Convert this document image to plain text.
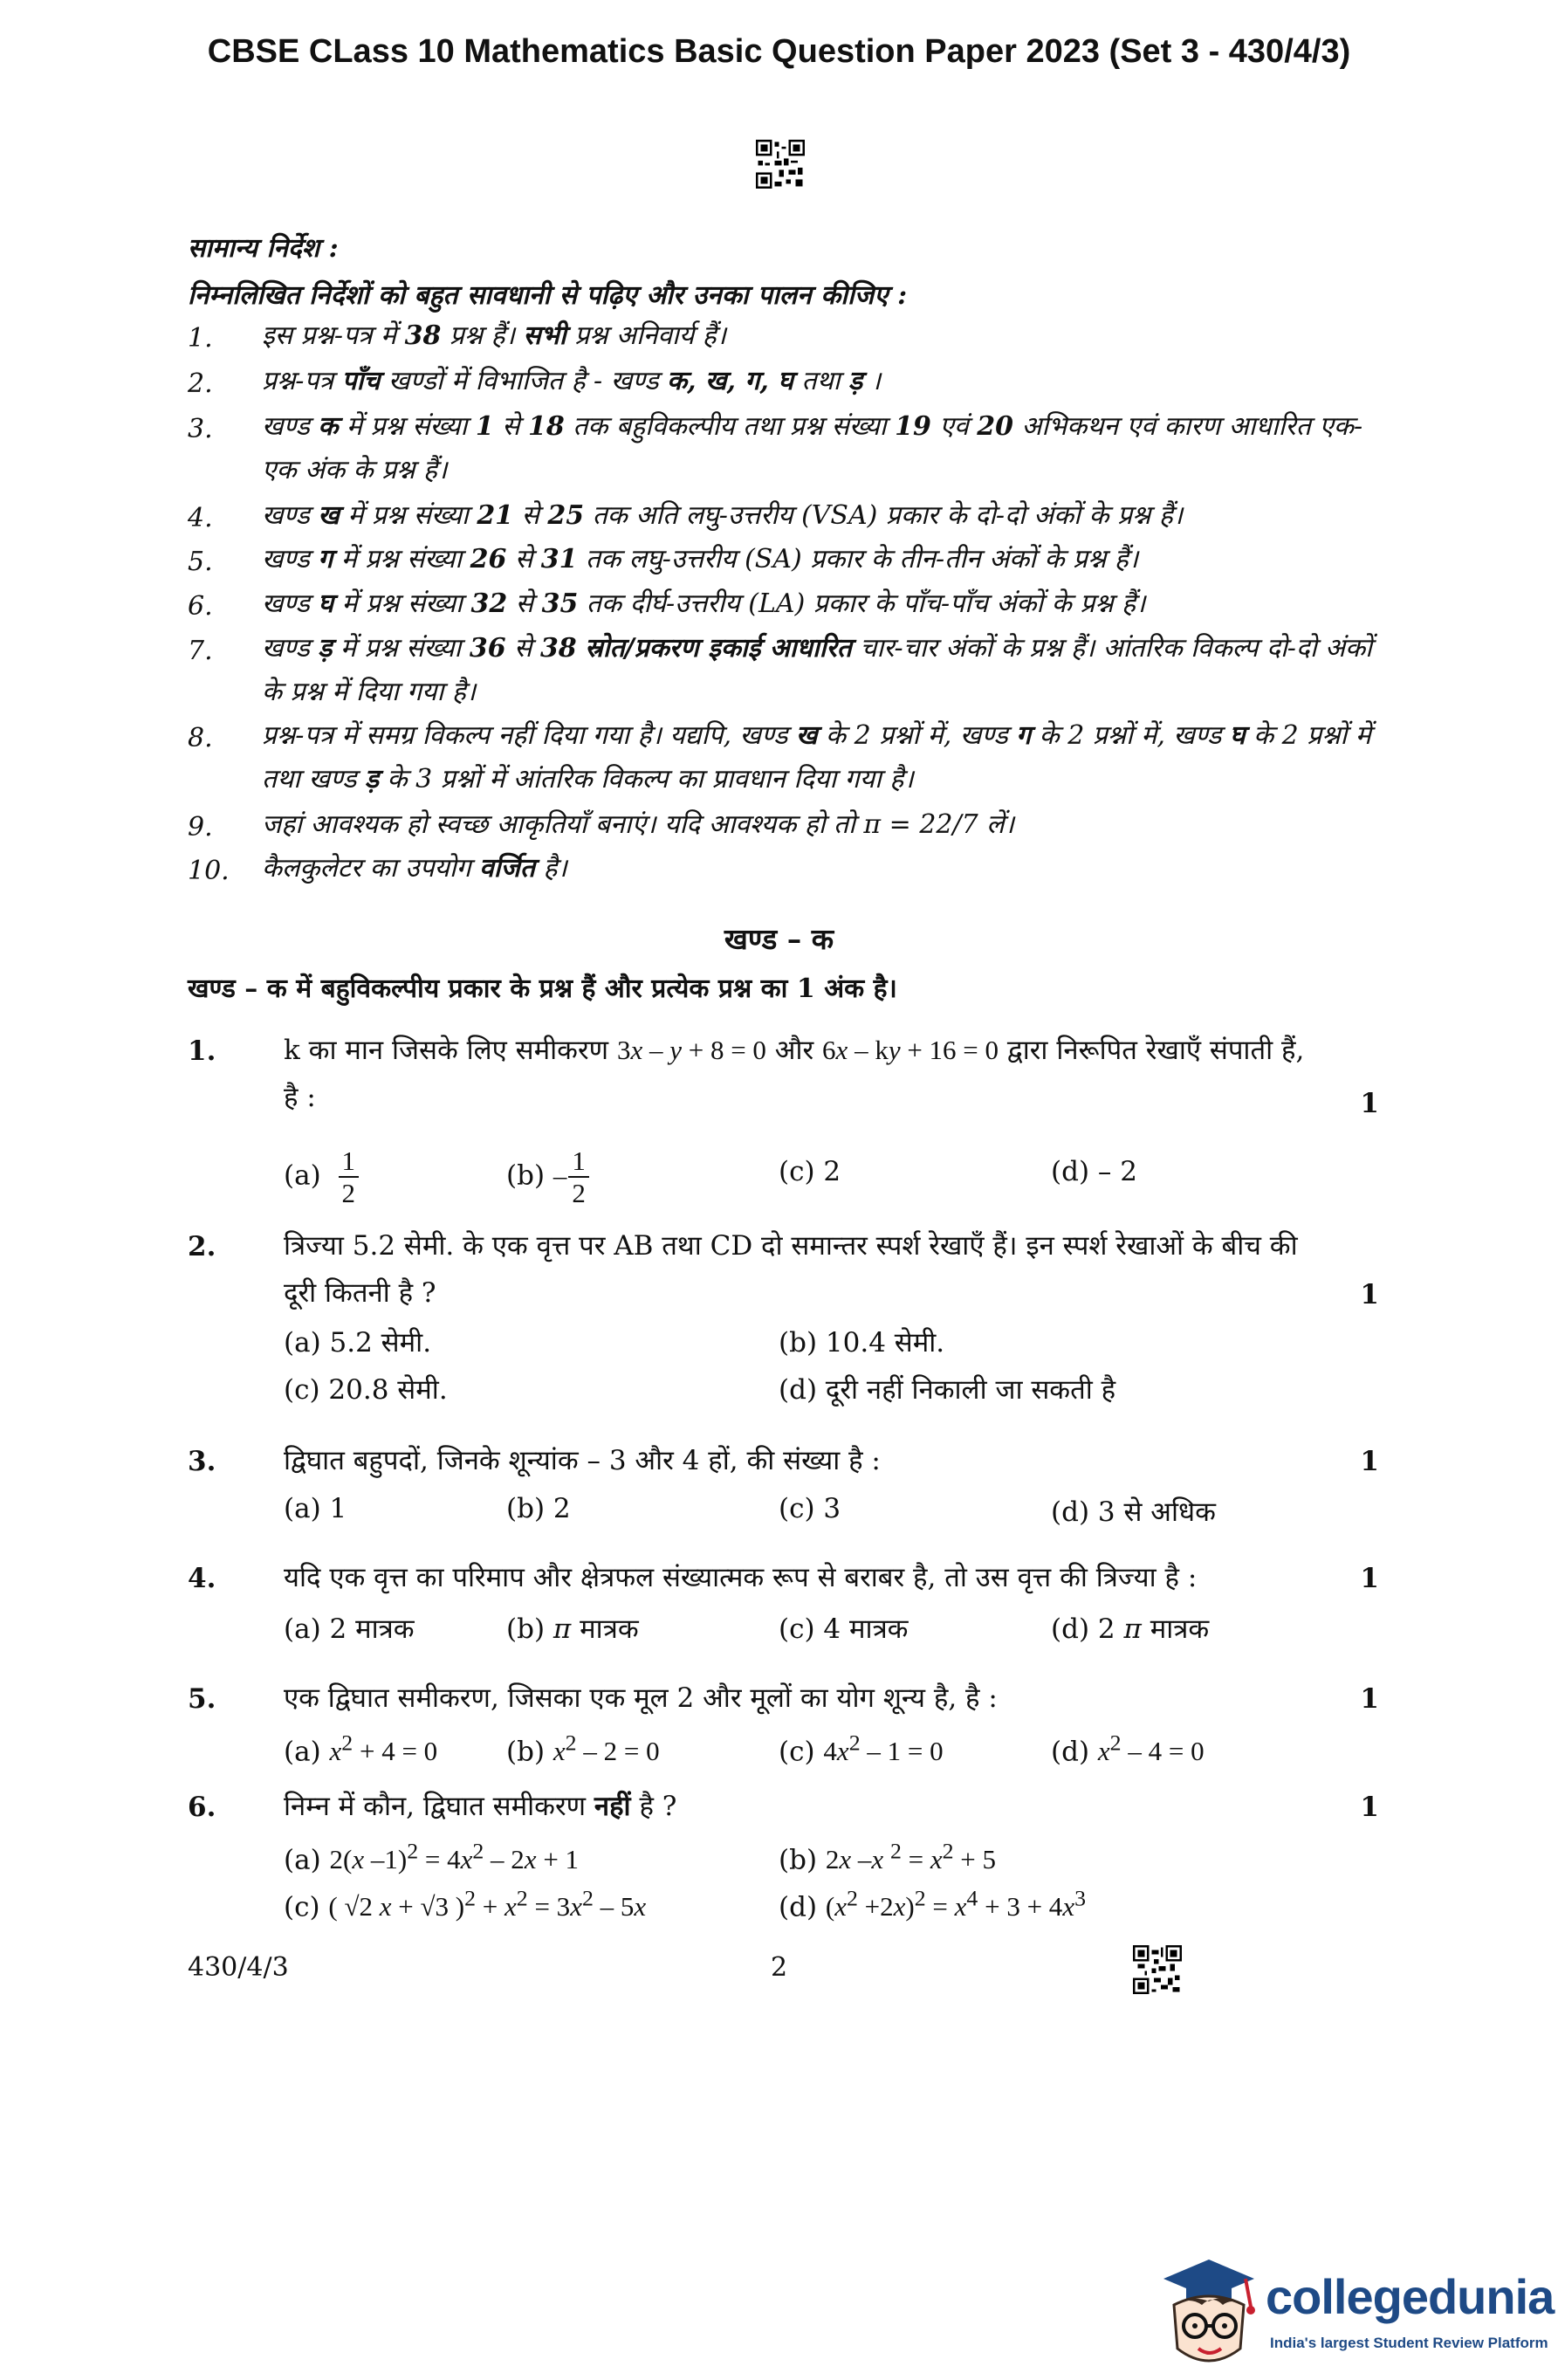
CBSE CLass 10 Mathematics Basic Question Paper 2023 (Set 3 - 430/4/3)
सामान्य निर्देश :
निम्नलिखित निर्देशों को बहुत सावधानी से पढ़िए और उनका पालन कीजिए :
1. इस प्रश्न-पत्र में 38 प्रश्न हैं। सभी प्रश्न अनिवार्य हैं।
2. प्रश्न-पत्र पाँच खण्डों में विभाजित है - खण्ड क, ख, ग, घ तथा ड़ ।
3. खण्ड क में प्रश्न संख्या 1 से 18 तक बहुविकल्पीय तथा प्रश्न संख्या 19 एवं 20 अभिकथन एवं कारण आधारित एक-एक अंक के प्रश्न हैं।
4. खण्ड ख में प्रश्न संख्या 21 से 25 तक अति लघु-उत्तरीय (VSA) प्रकार के दो-दो अंकों के प्रश्न हैं।
5. खण्ड ग में प्रश्न संख्या 26 से 31 तक लघु-उत्तरीय (SA) प्रकार के तीन-तीन अंकों के प्रश्न हैं।
6. खण्ड घ में प्रश्न संख्या 32 से 35 तक दीर्घ-उत्तरीय (LA) प्रकार के पाँच-पाँच अंकों के प्रश्न हैं।
7. खण्ड ड़ में प्रश्न संख्या 36 से 38 स्रोत/प्रकरण इकाई आधारित चार-चार अंकों के प्रश्न हैं। आंतरिक विकल्प दो-दो अंकों के प्रश्न में दिया गया है।
8. प्रश्न-पत्र में समग्र विकल्प नहीं दिया गया है। यद्यपि, खण्ड ख के 2 प्रश्नों में, खण्ड ग के 2 प्रश्नों में, खण्ड घ के 2 प्रश्नों में तथा खण्ड ड़ के 3 प्रश्नों में आंतरिक विकल्प का प्रावधान दिया गया है।
9. जहां आवश्यक हो स्वच्छ आकृतियाँ बनाएं। यदि आवश्यक हो तो π = 22/7 लें।
10. कैलकुलेटर का उपयोग वर्जित है।
खण्ड – क
खण्ड – क में बहुविकल्पीय प्रकार के प्रश्न हैं और प्रत्येक प्रश्न का 1 अंक है।
1.	k का मान जिसके लिए समीकरण 3x – y + 8 = 0 और 6x – ky + 16 = 0 द्वारा निरूपित रेखाएँ संपाती हैं, है :	1
$(a) \frac{1}{2}$	$(b) - \frac{1}{2}$	(c) 2	(d) – 2
2.	त्रिज्या 5.2 सेमी. के एक वृत्त पर AB तथा CD दो समान्तर स्पर्श रेखाएँ हैं। इन स्पर्श रेखाओं के बीच की दूरी कितनी है ?	1
(a) 5.2 सेमी.	(b) 10.4 सेमी.
(c) 20.8 सेमी.	(d) दूरी नहीं निकाली जा सकती है
3.	द्विघात बहुपदों, जिनके शून्यांक – 3 और 4 हों, की संख्या है :	1
(a) 1	(b) 2	(c) 3	(d) 3 से अधिक
4.	यदि एक वृत्त का परिमाप और क्षेत्रफल संख्यात्मक रूप से बराबर है, तो उस वृत्त की त्रिज्या है :	1
(a) 2 मात्रक	(b) π मात्रक	(c) 4 मात्रक	(d) 2 π मात्रक
5.	एक द्विघात समीकरण, जिसका एक मूल 2 और मूलों का योग शून्य है, है :	1
(a) $x^2 + 4 = 0$	(b) $x^2 - 2 = 0$	(c) $4x^2 - 1 = 0$	(d) $x^2 - 4 = 0$
6.	निम्न में कौन, द्विघात समीकरण नहीं है ?	1
(a) 2(x $-1)^2 = 4x^2 - 2x + 1$	(b) 2x –x $^2 = x^2 + 5$
(c) ( √2 x + √3 )$^2 + x^2 = 3x^2 - 5x$	(d) $(x^2 +2x)^2 = x^4 + 3 + 4x^3$
430/4/3	2
collegedunia
India's largest Student Review Platform
